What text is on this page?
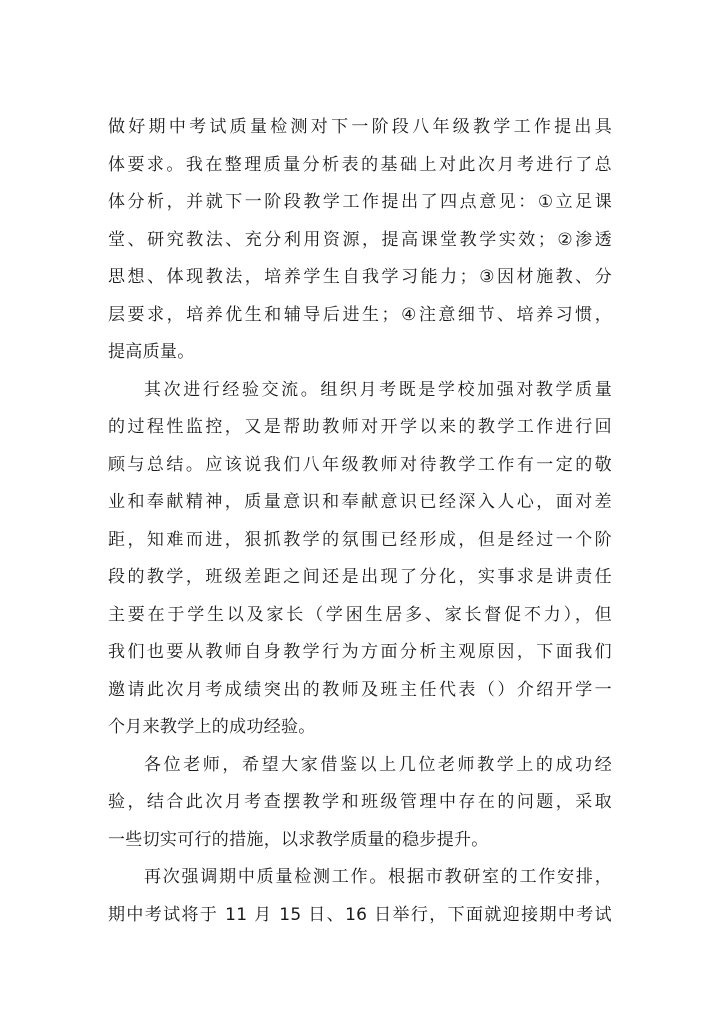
做好期中考试质量检测对下一阶段八年级教学工作提出具
体要求。我在整理质量分析表的基础上对此次月考进行了总
体分析，并就下一阶段教学工作提出了四点意见：①立足课
堂、研究教法、充分利用资源，提高课堂教学实效；②渗透
思想、体现教法，培养学生自我学习能力；③因材施教、分
层要求，培养优生和辅导后进生；④注意细节、培养习惯，
提高质量。
其次进行经验交流。组织月考既是学校加强对教学质量
的过程性监控，又是帮助教师对开学以来的教学工作进行回
顾与总结。应该说我们八年级教师对待教学工作有一定的敬
业和奉献精神，质量意识和奉献意识已经深入人心，面对差
距，知难而进，狠抓教学的氛围已经形成，但是经过一个阶
段的教学，班级差距之间还是出现了分化，实事求是讲责任
主要在于学生以及家长（学困生居多、家长督促不力），但
我们也要从教师自身教学行为方面分析主观原因，下面我们
邀请此次月考成绩突出的教师及班主任代表（）介绍开学一
个月来教学上的成功经验。
各位老师，希望大家借鉴以上几位老师教学上的成功经
验，结合此次月考查摆教学和班级管理中存在的问题，采取
一些切实可行的措施，以求教学质量的稳步提升。
再次强调期中质量检测工作。根据市教研室的工作安排，
期中考试将于 11 月 15 日、16 日举行，下面就迎接期中考试
